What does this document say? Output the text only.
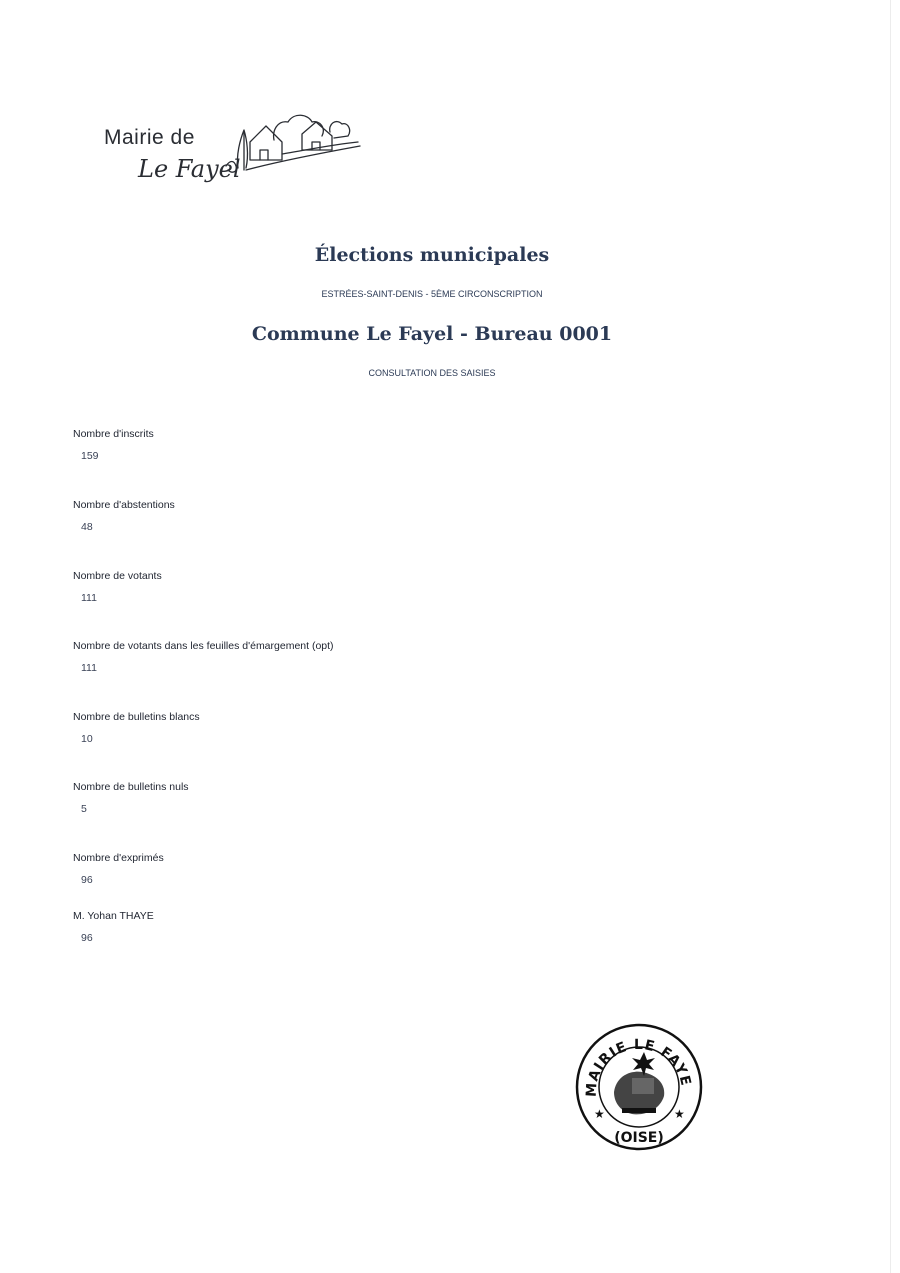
Mairie de
Le Fayel
Élections municipales
ESTRÉES-SAINT-DENIS - 5ÈME CIRCONSCRIPTION
Commune Le Fayel - Bureau 0001
CONSULTATION DES SAISIES
Nombre d'inscrits
159
Nombre d'abstentions
48
Nombre de votants
111
Nombre de votants dans les feuilles d'émargement (opt)
111
Nombre de bulletins blancs
10
Nombre de bulletins nuls
5
Nombre d'exprimés
96
M. Yohan THAYE
96
MAIRIE LE FAYE
★	★
(OISE)
